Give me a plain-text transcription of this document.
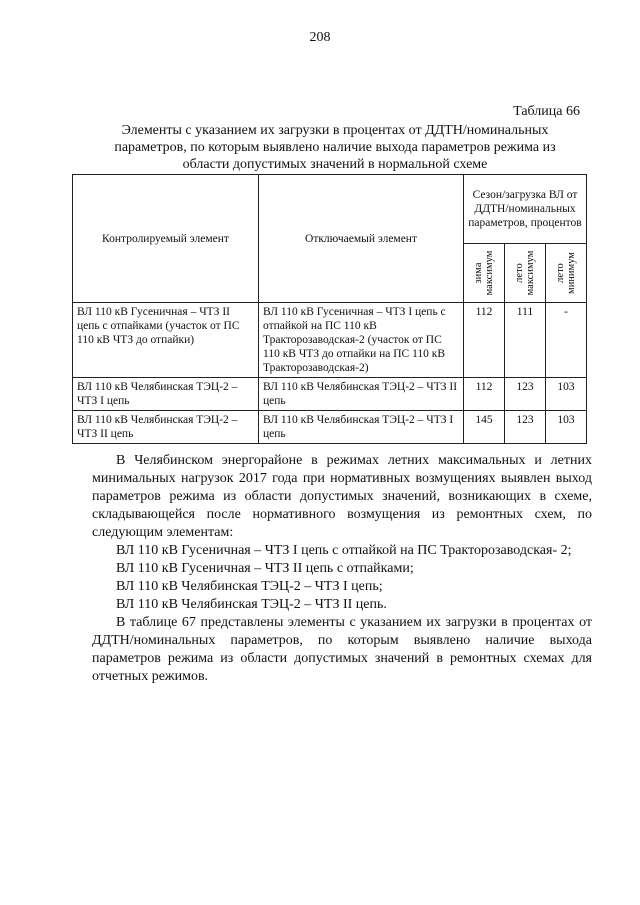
208
Таблица 66
Элементы с указанием их загрузки в процентах от ДДТН/номинальных параметров, по которым выявлено наличие выхода параметров режима из области допустимых значений в нормальной схеме
Контролируемый элемент	Отключаемый элемент	Сезон/загрузка ВЛ от ДДТН/номинальных параметров, процентов		

		зима максимум	лето максимум	лето минимум

ВЛ 110 кВ Гусеничная – ЧТЗ II цепь с отпайками (участок от ПС 110 кВ ЧТЗ до отпайки)	ВЛ 110 кВ Гусеничная – ЧТЗ I цепь с отпайкой на ПС 110 кВ Тракторозаводская-2 (участок от ПС 110 кВ ЧТЗ до отпайки на ПС 110 кВ Тракторозаводская-2)	112	111	-
ВЛ 110 кВ Челябинская ТЭЦ-2 – ЧТЗ I цепь	ВЛ 110 кВ Челябинская ТЭЦ-2 – ЧТЗ II цепь	112	123	103
ВЛ 110 кВ Челябинская ТЭЦ-2 – ЧТЗ II цепь	ВЛ 110 кВ Челябинская ТЭЦ-2 – ЧТЗ I цепь	145	123	103

В Челябинском энергорайоне в режимах летних максимальных и летних минимальных нагрузок 2017 года при нормативных возмущениях выявлен выход параметров режима из области допустимых значений, возникающих в схеме, складывающейся после нормативного возмущения из ремонтных схем, по следующим элементам:

ВЛ 110 кВ Гусеничная – ЧТЗ I цепь с отпайкой на ПС Тракторозаводская- 2;

ВЛ 110 кВ Гусеничная – ЧТЗ II цепь с отпайками;

ВЛ 110 кВ Челябинская ТЭЦ-2 – ЧТЗ I цепь;

ВЛ 110 кВ Челябинская ТЭЦ-2 – ЧТЗ II цепь.

В таблице 67 представлены элементы с указанием их загрузки в процентах от ДДТН/номинальных параметров, по которым выявлено наличие выхода параметров режима из области допустимых значений в ремонтных схемах для отчетных режимов.
